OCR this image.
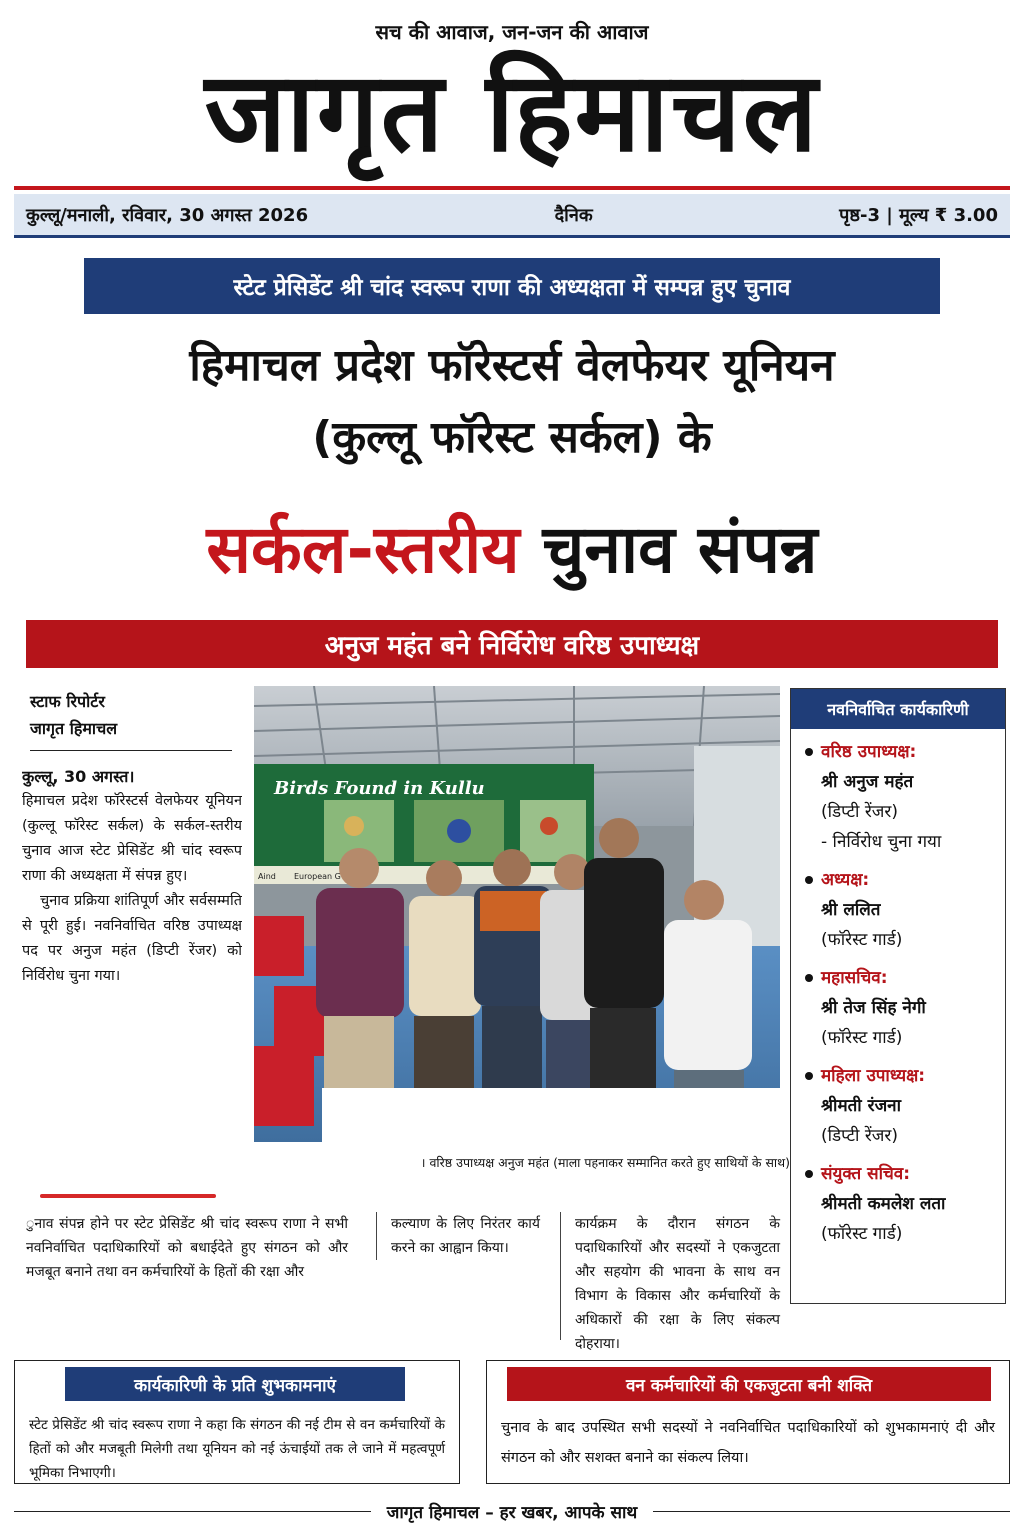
सच की आवाज, जन-जन की आवाज
जागृत हिमाचल
कुल्लू/मनाली, रविवार, 30 अगस्त 2026	दैनिक	पृष्ठ-3 | मूल्य ₹ 3.00
स्टेट प्रेसिडेंट श्री चांद स्वरूप राणा की अध्यक्षता में सम्पन्न हुए चुनाव
हिमाचल प्रदेश फॉरेस्टर्स वेलफेयर यूनियन
(कुल्लू फॉरेस्ट सर्कल) के
सर्कल-स्तरीय चुनाव संपन्न
अनुज महंत बने निर्विरोध वरिष्ठ उपाध्यक्ष
स्टाफ रिपोर्टर
जागृत हिमाचल
कुल्लू, 30 अगस्त।

हिमाचल प्रदेश फॉरेस्टर्स वेलफेयर यूनियन (कुल्लू फॉरेस्ट सर्कल) के सर्कल-स्तरीय चुनाव आज स्टेट प्रेसिडेंट श्री चांद स्वरूप राणा की अध्यक्षता में संपन्न हुए।

चुनाव प्रक्रिया शांतिपूर्ण और सर्वसम्मति से पूरी हुई। नवनिर्वाचित वरिष्ठ उपाध्यक्ष पद पर अनुज महंत (डिप्टी रेंजर) को निर्विरोध चुना गया।

Birds Found in Kullu
Aind European G
। वरिष्ठ उपाध्यक्ष अनुज महंत (माला पहनाकर सम्मानित करते हुए साथियों के साथ)
ुनाव संपन्न होने पर स्टेट प्रेसिडेंट श्री चांद स्वरूप राणा ने सभी नवनिर्वाचित पदाधिकारियों को बधाईदेते हुए संगठन को और मजबूत बनाने तथा वन कर्मचारियों के हितों की रक्षा और
कल्याण के लिए निरंतर कार्य करने का आह्वान किया।
कार्यक्रम के दौरान संगठन के पदाधिकारियों और सदस्यों ने एकजुटता और सहयोग की भावना के साथ वन विभाग के विकास और कर्मचारियों के अधिकारों की रक्षा के लिए संकल्प दोहराया।
नवनिर्वाचित कार्यकारिणी
वरिष्ठ उपाध्यक्ष:
श्री अनुज महंत
(डिप्टी रेंजर)
- निर्विरोध चुना गया
अध्यक्ष:
श्री ललित
(फॉरेस्ट गार्ड)
महासचिव:
श्री तेज सिंह नेगी
(फॉरेस्ट गार्ड)
महिला उपाध्यक्ष:
श्रीमती रंजना
(डिप्टी रेंजर)
संयुक्त सचिव:
श्रीमती कमलेश लता
(फॉरेस्ट गार्ड)
कार्यकारिणी के प्रति शुभकामनाएं
स्टेट प्रेसिडेंट श्री चांद स्वरूप राणा ने कहा कि संगठन की नई टीम से वन कर्मचारियों के हितों को और मजबूती मिलेगी तथा यूनियन को नई ऊंचाईयों तक ले जाने में महत्वपूर्ण भूमिका निभाएगी।
वन कर्मचारियों की एकजुटता बनी शक्ति
चुनाव के बाद उपस्थित सभी सदस्यों ने नवनिर्वाचित पदाधिकारियों को शुभकामनाएं दी और संगठन को और सशक्त बनाने का संकल्प लिया।
जागृत हिमाचल – हर खबर, आपके साथ
